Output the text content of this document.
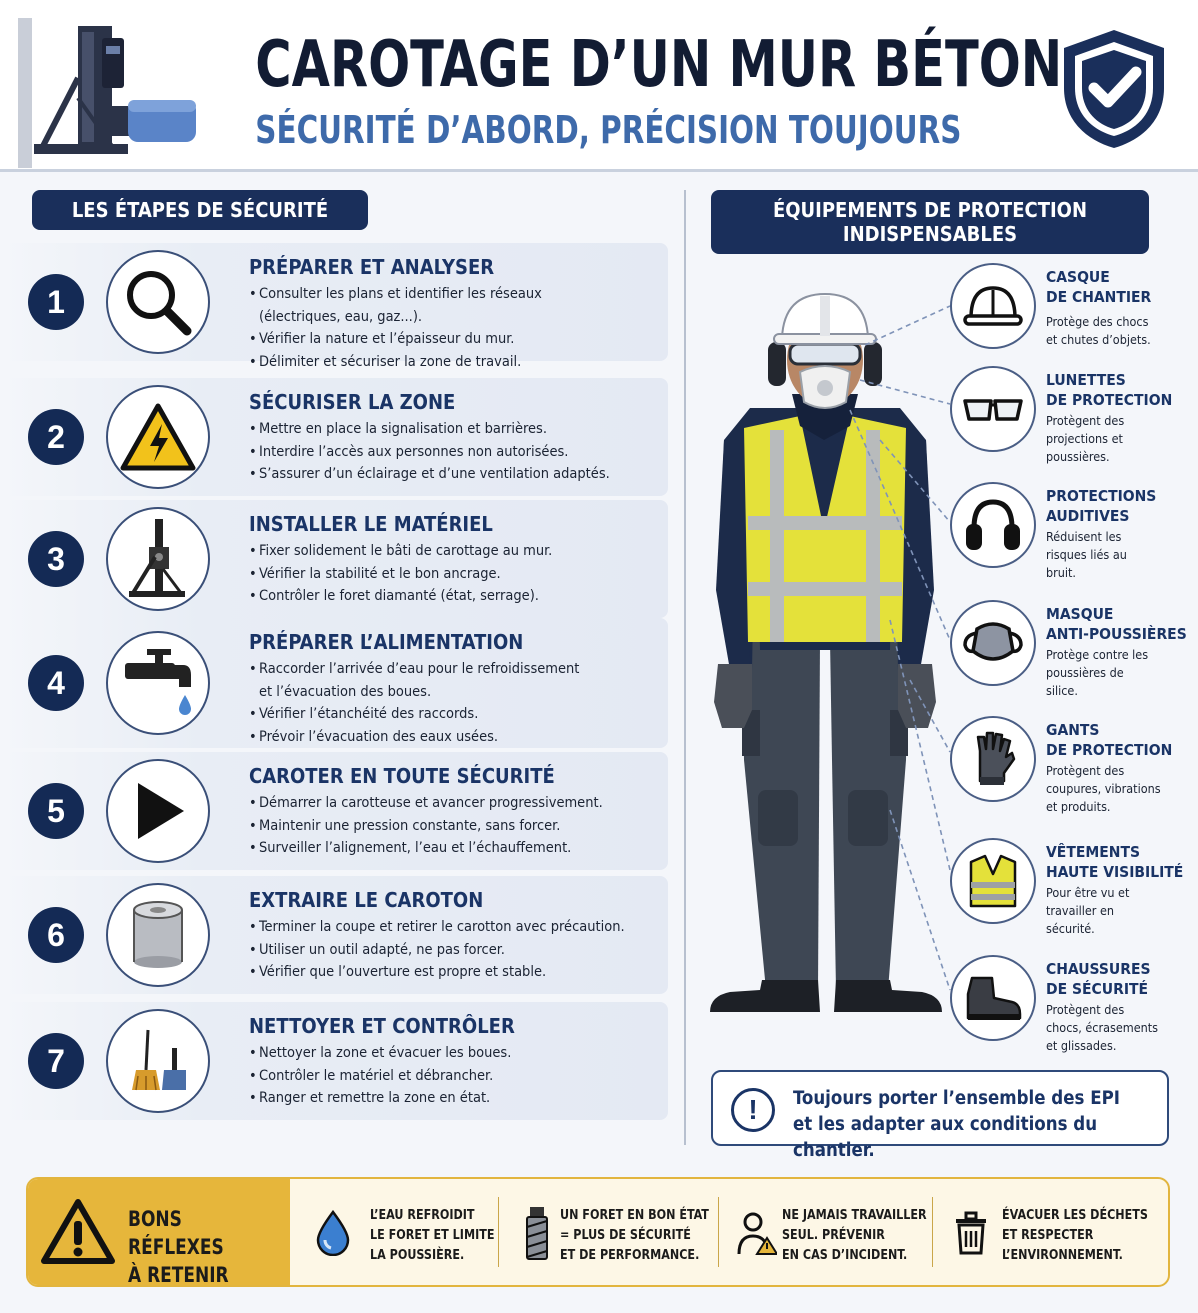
CAROTAGE D’UN MUR BÉTON
SÉCURITÉ D’ABORD, PRÉCISION TOUJOURS
LES ÉTAPES DE SÉCURITÉ	ÉQUIPEMENTS DE PROTECTION
INDISPENSABLES
1
PRÉPARER ET ANALYSER
• Consulter les plans et identifier les réseaux
(électriques, eau, gaz...).
• Vérifier la nature et l’épaisseur du mur.
• Délimiter et sécuriser la zone de travail.
2
SÉCURISER LA ZONE
• Mettre en place la signalisation et barrières.
• Interdire l’accès aux personnes non autorisées.
• S’assurer d’un éclairage et d’une ventilation adaptés.
3
INSTALLER LE MATÉRIEL
• Fixer solidement le bâti de carottage au mur.
• Vérifier la stabilité et le bon ancrage.
• Contrôler le foret diamanté (état, serrage).
4
PRÉPARER L’ALIMENTATION
• Raccorder l’arrivée d’eau pour le refroidissement
et l’évacuation des boues.
• Vérifier l’étanchéité des raccords.
• Prévoir l’évacuation des eaux usées.
5
CAROTER EN TOUTE SÉCURITÉ
• Démarrer la carotteuse et avancer progressivement.
• Maintenir une pression constante, sans forcer.
• Surveiller l’alignement, l’eau et l’échauffement.
6
EXTRAIRE LE CAROTON
• Terminer la coupe et retirer le carotton avec précaution.
• Utiliser un outil adapté, ne pas forcer.
• Vérifier que l’ouverture est propre et stable.
7
NETTOYER ET CONTRÔLER
• Nettoyer la zone et évacuer les boues.
• Contrôler le matériel et débrancher.
• Ranger et remettre la zone en état.
CASQUE
DE CHANTIER
Protège des chocs
et chutes d’objets.
LUNETTES
DE PROTECTION
Protègent des
projections et
poussières.
PROTECTIONS
AUDITIVES
Réduisent les
risques liés au
bruit.
MASQUE
ANTI-POUSSIÈRES
Protège contre les
poussières de
silice.
GANTS
DE PROTECTION
Protègent des
coupures, vibrations
et produits.
VÊTEMENTS
HAUTE VISIBILITÉ
Pour être vu et
travailler en
sécurité.
CHAUSSURES
DE SÉCURITÉ
Protègent des
chocs, écrasements
et glissades.
!	Toujours porter l’ensemble des EPI
et les adapter aux conditions du chantier.
BONS RÉFLEXES
À RETENIR
L’EAU REFROIDIT
LE FORET ET LIMITE
LA POUSSIÈRE.
UN FORET EN BON ÉTAT
= PLUS DE SÉCURITÉ
ET DE PERFORMANCE.
NE JAMAIS TRAVAILLER
SEUL. PRÉVENIR
EN CAS D’INCIDENT.
ÉVACUER LES DÉCHETS
ET RESPECTER
L’ENVIRONNEMENT.
